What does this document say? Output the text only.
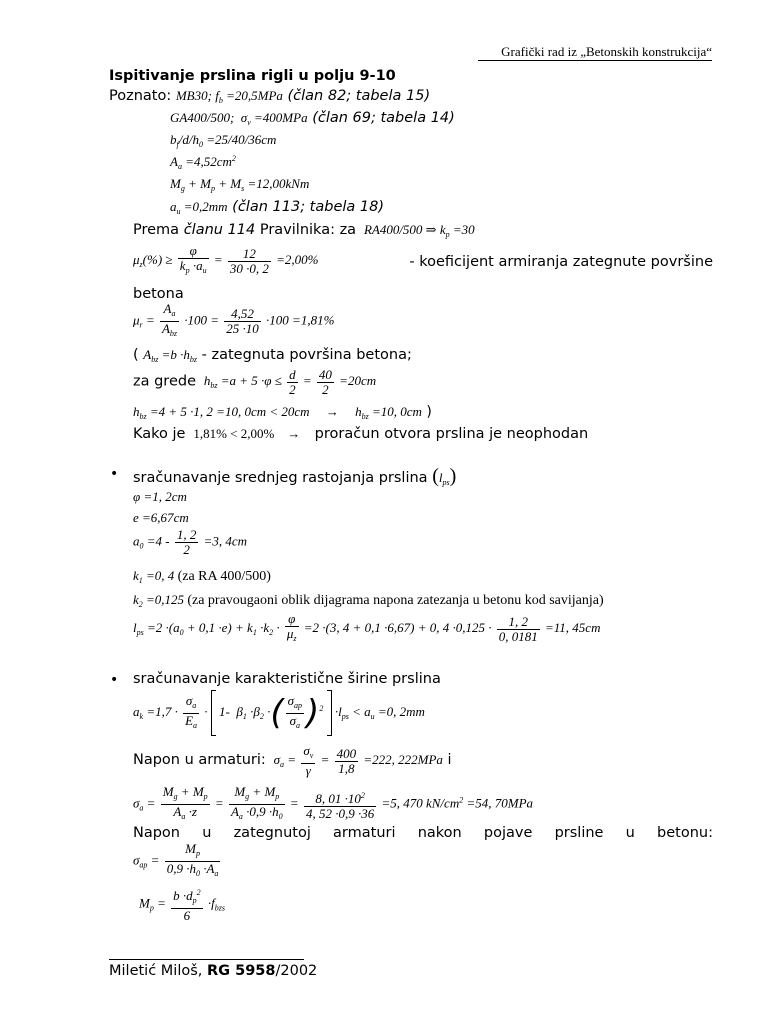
Grafički rad iz „Betonskih konstrukcija“
Ispitivanje prslina rigli u polju 9-10
Poznato: MB30; $f_b =20,5MPa$ (član 82; tabela 15)
GA400/500;  $\sigma_v =400MPa$ (član 69; tabela 14)
$b_f/d/h_0 =25/40/36cm$
$A_a =4,52cm^2$
$M_g + M_p + M_s =12,00kNm$
$a_u =0,2mm$ (član 113; tabela 18)
Prema članu 114 Pravilnika: za  RA400/500 ⇒ $k_p =30$
$\mu_z(\%) \ge \frac{\varphi}{k_p \cdot a_u} = \frac{12}{30 \cdot 0, 2} =2,00\%$	- koeficijent armiranja zategnute površine
betona
$\mu_r$ =
$A_a$
$A_{bz}$
$\cdot 100 = \frac{4,52}{25 \cdot 10} \cdot 100 =1,81\%$
( $A_{bz} =b \cdot h_{bz}$ - zategnuta površina betona;
za grede $h_{bz} =a + 5 \cdot\varphi \le \frac{d}{2} = \frac{40}{2} =20cm$
$h_{bz} =4 + 5 \cdot 1$, 2 =10, 0cm < 20cm     →     $h_{bz} =10$, 0cm )
Kako je  1,81% < 2,00%    →    proračun otvora prslina je neophodan
• sračunavanje srednjeg rastojanja prslina $(l_{ps})$
φ =1, 2cm
e =6,67cm
$a_0 =4 - \frac{1, 2}{2} =3$, 4cm
$k_1 =0$, 4 (za RA 400/500)
$k_2 =0,125$ (za pravougaoni oblik dijagrama napona zatezanja u betonu kod savijanja)
$l_{ps} =2 \cdot(a_0 + 0,1 \cdot e) + k_1 \cdot k_2 \cdot \frac{\varphi}{\mu_z} =2 \cdot(3$, 4 + 0,1 ·6,67) + 0, $4 \cdot 0,125 \cdot \frac{1, 2}{0, 0181} =11$, 45cm
• sračunavanje karakteristične širine prslina
$a_k =1,7 \cdot \frac{\sigma_a}{E_a} \cdot 1-$  $\beta_1 \cdot\beta_2$ ·( $\sigma_{ap}$
$\sigma_a$ )$^2 \cdot l_{ps} < a_u =0$, 2mm
Napon u armaturi: $\sigma_a = \frac{\sigma_v}{\gamma} = \frac{400}{1,8} =222$, 222MPa i
$\sigma_a = \frac{M_g + M_p}{A_a \cdot z} = \frac{M_g + M_p}{A_a \cdot 0,9 \cdot h_0} = \frac{8, 01 \cdot 10^2}{4, 52 \cdot 0,9 \cdot 36} =5$, 470 $kN/cm^2 =54$, 70MPa
Napon u zategnutoj armaturi nakon pojave prsline u betonu:
$\sigma_{ap} = \frac{M_p}{0,9 \cdot h_0 \cdot A_a}$
$M_p = \frac{b \cdot d_p^2}{6} \cdot f_{bzs}$
Miletić Miloš, RG 5958/2002
